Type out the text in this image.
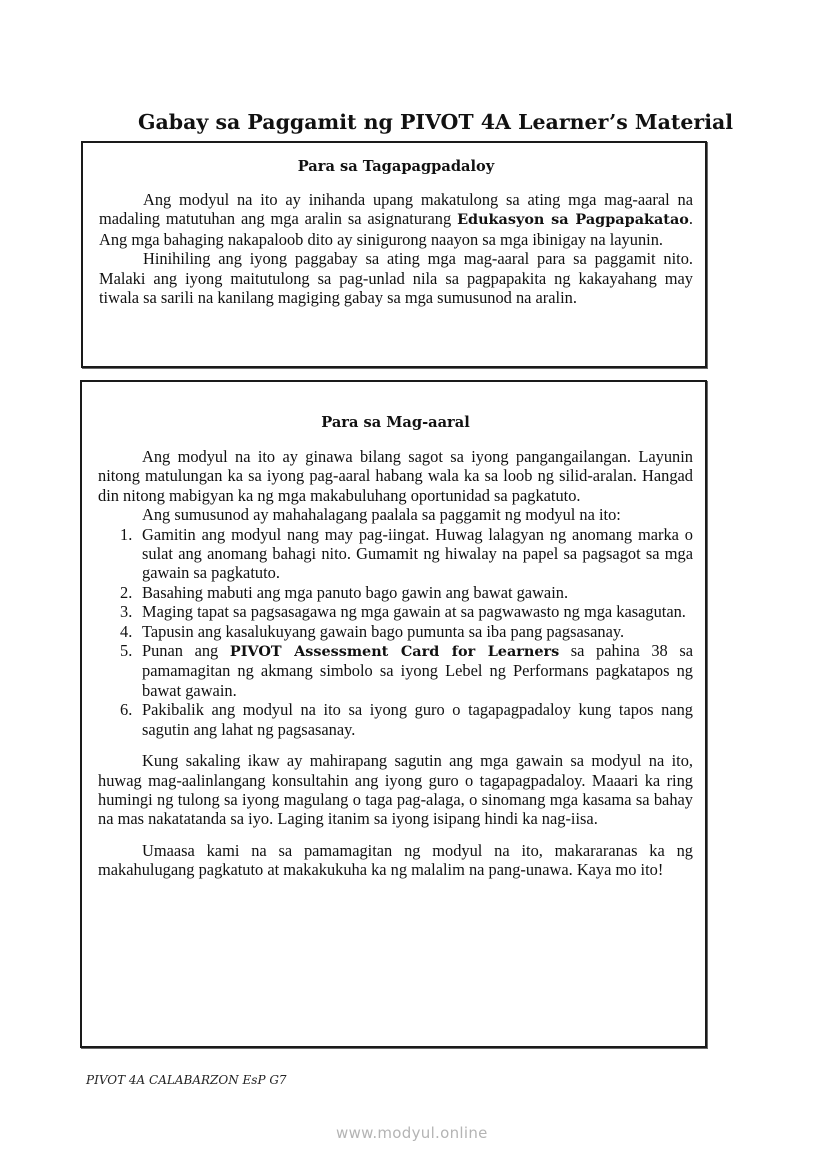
Gabay sa Paggamit ng PIVOT 4A Learner’s Material
Para sa Tagapagpadaloy

Ang modyul na ito ay inihanda upang makatulong sa ating mga mag-aaral na madaling matutuhan ang mga aralin sa asignaturang Edukasyon sa Pagpapakatao. Ang mga bahaging nakapaloob dito ay sinigurong naayon sa mga ibinigay na layunin.

Hinihiling ang iyong paggabay sa ating mga mag-aaral para sa paggamit nito. Malaki ang iyong maitutulong sa pag-unlad nila sa pagpapakita ng kakayahang may tiwala sa sarili na kanilang magiging gabay sa mga sumusunod na aralin.

Para sa Mag-aaral

Ang modyul na ito ay ginawa bilang sagot sa iyong pangangailangan. Layunin nitong matulungan ka sa iyong pag-aaral habang wala ka sa loob ng silid-aralan. Hangad din nitong mabigyan ka ng mga makabuluhang oportunidad sa pagkatuto.

Ang sumusunod ay mahahalagang paalala sa paggamit ng modyul na ito:

1. Gamitin ang modyul nang may pag-iingat. Huwag lalagyan ng anomang marka o sulat ang anomang bahagi nito. Gumamit ng hiwalay na papel sa pagsagot sa mga gawain sa pagkatuto.
2. Basahing mabuti ang mga panuto bago gawin ang bawat gawain.
3. Maging tapat sa pagsasagawa ng mga gawain at sa pagwawasto ng mga kasagutan.
4. Tapusin ang kasalukuyang gawain bago pumunta sa iba pang pagsasanay.
5. Punan ang PIVOT Assessment Card for Learners sa pahina 38 sa pamamagitan ng akmang simbolo sa iyong Lebel ng Performans pagkatapos ng bawat gawain.
6. Pakibalik ang modyul na ito sa iyong guro o tagapagpadaloy kung tapos nang sagutin ang lahat ng pagsasanay.

Kung sakaling ikaw ay mahirapang sagutin ang mga gawain sa modyul na ito, huwag mag-aalinlangang konsultahin ang iyong guro o tagapagpadaloy. Maaari ka ring humingi ng tulong sa iyong magulang o taga pag-alaga, o sinomang mga kasama sa bahay na mas nakatatanda sa iyo. Laging itanim sa iyong isipang hindi ka nag-iisa.

Umaasa kami na sa pamamagitan ng modyul na ito, makararanas ka ng makahulugang pagkatuto at makakukuha ka ng malalim na pang-unawa. Kaya mo ito!

PIVOT 4A CALABARZON EsP G7
www.modyul.online
